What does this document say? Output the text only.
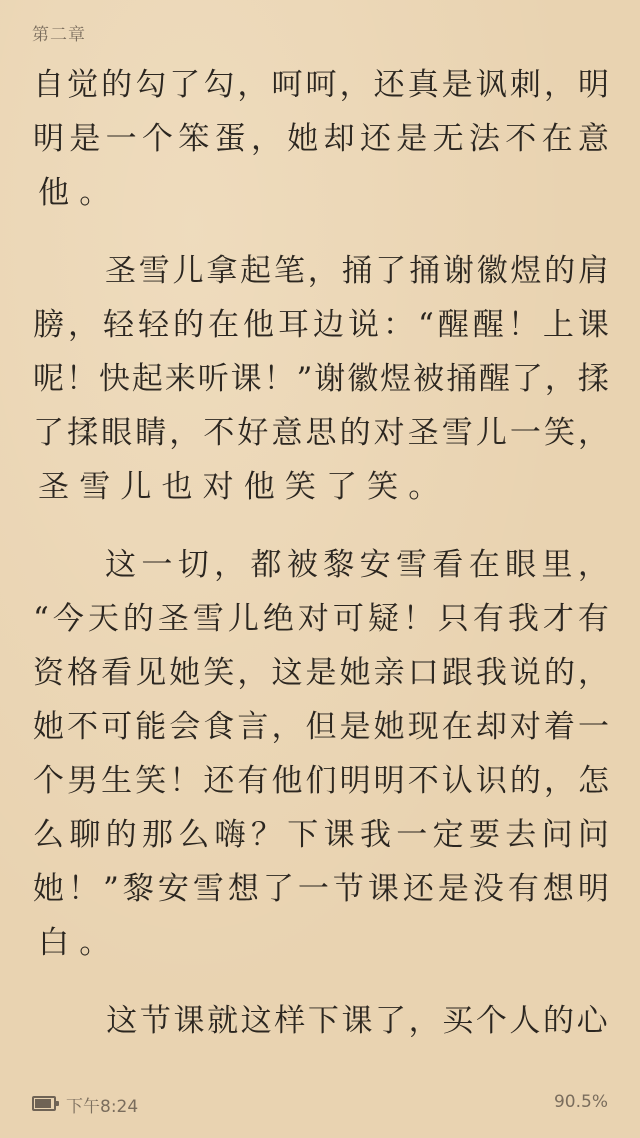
第二章
自 觉 的 勾 了 勾 ， 呵 呵 ， 还 真 是 讽 刺 ， 明
明 是 一 个 笨 蛋 ， 她 却 还 是 无 法 不 在 意
他 。
圣 雪 儿 拿 起 笔 ， 捅 了 捅 谢 徽 煜 的 肩
膀 ， 轻 轻 的 在 他 耳 边 说 ： “ 醒 醒 ！ 上 课
呢 ！ 快 起 来 听 课 ！ ” 谢 徽 煜 被 捅 醒 了 ， 揉
了 揉 眼 睛 ， 不 好 意 思 的 对 圣 雪 儿 一 笑 ，
圣 雪 儿 也 对 他 笑 了 笑 。
这 一 切 ， 都 被 黎 安 雪 看 在 眼 里 ，
“ 今 天 的 圣 雪 儿 绝 对 可 疑 ！ 只 有 我 才 有
资 格 看 见 她 笑 ， 这 是 她 亲 口 跟 我 说 的 ，
她 不 可 能 会 食 言 ， 但 是 她 现 在 却 对 着 一
个 男 生 笑 ！ 还 有 他 们 明 明 不 认 识 的 ， 怎
么 聊 的 那 么 嗨 ？ 下 课 我 一 定 要 去 问 问
她 ！ ” 黎 安 雪 想 了 一 节 课 还 是 没 有 想 明
白 。
这 节 课 就 这 样 下 课 了 ， 买 个 人 的 心
下午8:24	90.5%
